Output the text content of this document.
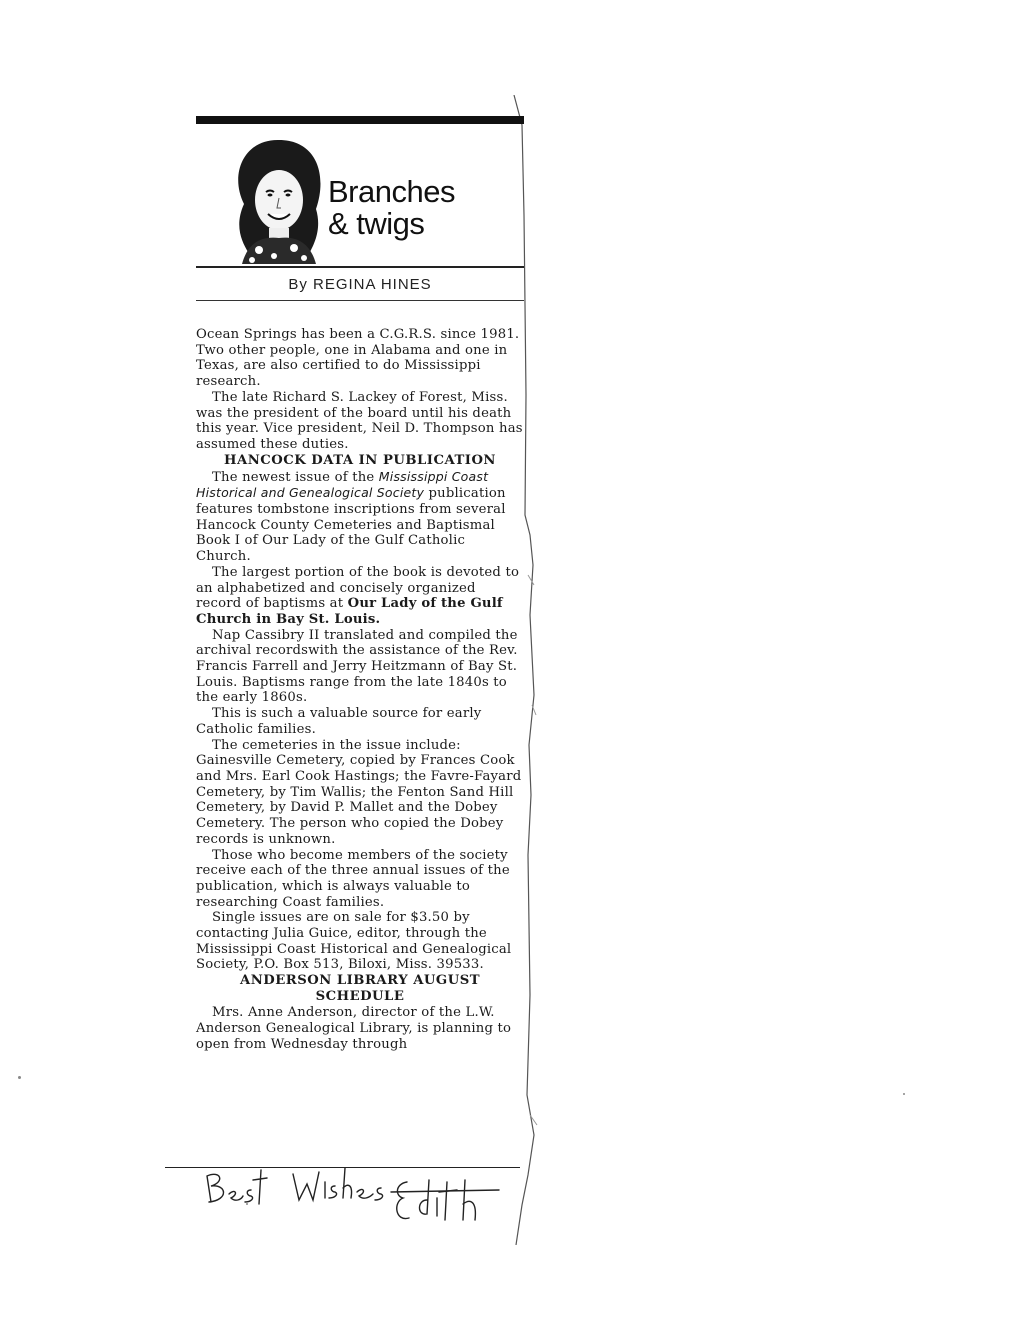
Branches
& twigs
By REGINA HINES

Ocean Springs has been a C.G.R.S. since 1981. Two other people, one in Alabama and one in Texas, are also certified to do Mississippi research.

The late Richard S. Lackey of Forest, Miss. was the president of the board until his death this year. Vice president, Neil D. Thompson has assumed these duties.

HANCOCK DATA IN PUBLICATION

The newest issue of the Mississippi Coast Historical and Genealogical Society publication features tombstone inscriptions from several Hancock County Cemeteries and Baptismal Book I of Our Lady of the Gulf Catholic Church.

The largest portion of the book is devoted to an alphabetized and concisely organized record of baptisms at Our Lady of the Gulf Church in Bay St. Louis.

Nap Cassibry II translated and compiled the archival recordswith the assistance of the Rev. Francis Farrell and Jerry Heitzmann of Bay St. Louis. Baptisms range from the late 1840s to the early 1860s.

This is such a valuable source for early Catholic families.

The cemeteries in the issue include: Gainesville Cemetery, copied by Frances Cook and Mrs. Earl Cook Hastings; the Favre-Fayard Cemetery, by Tim Wallis; the Fenton Sand Hill Cemetery, by David P. Mallet and the Dobey Cemetery. The person who copied the Dobey records is unknown.

Those who become members of the society receive each of the three annual issues of the publication, which is always valuable to researching Coast families.

Single issues are on sale for $3.50 by contacting Julia Guice, editor, through the Mississippi Coast Historical and Genealogical Society, P.O. Box 513, Biloxi, Miss. 39533.

ANDERSON LIBRARY AUGUST SCHEDULE

Mrs. Anne Anderson, director of the L.W. Anderson Genealogical Library, is planning to open from Wednesday through
